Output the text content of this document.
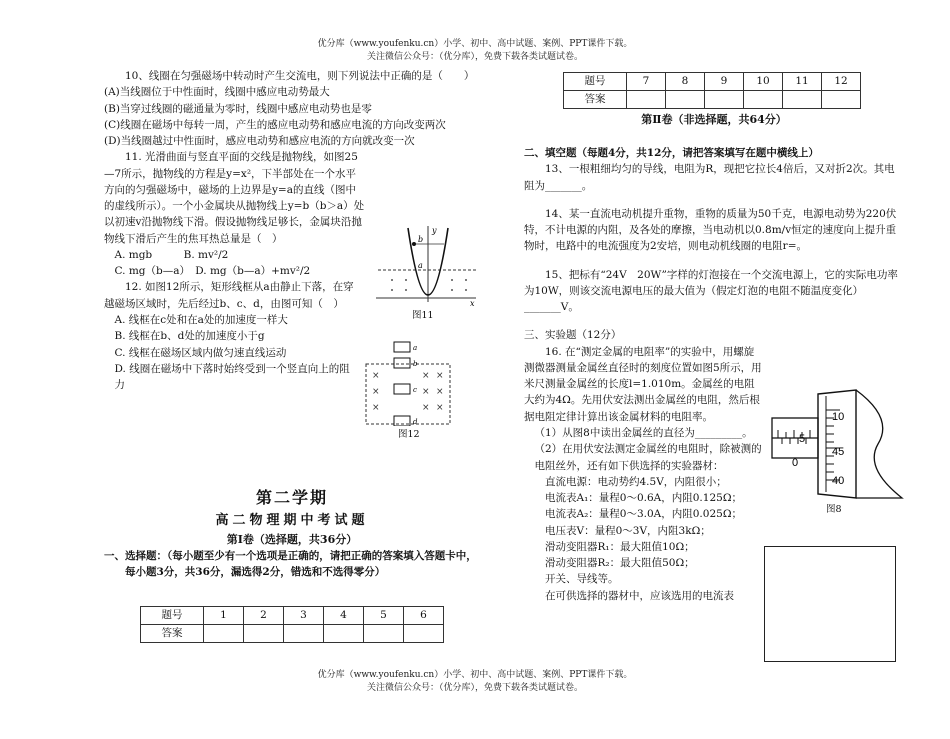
优分库（www.youfenku.cn）小学、初中、高中试题、案例、PPT课件下载。
关注微信公众号：（优分库），免费下载各类试题试卷。
优分库（www.youfenku.cn）小学、初中、高中试题、案例、PPT课件下载。
关注微信公众号：（优分库），免费下载各类试题试卷。

10、线圈在匀强磁场中转动时产生交流电，则下列说法中正确的是（　　）

(A)当线圈位于中性面时，线圈中感应电动势最大

(B)当穿过线圈的磁通量为零时，线圈中感应电动势也是零

(C)线圈在磁场中每转一周，产生的感应电动势和感应电流的方向改变两次

(D)当线圈越过中性面时，感应电动势和感应电流的方向就改变一次

11. 光滑曲面与竖直平面的交线是抛物线，如图25—7所示，抛物线的方程是y=x²，下半部处在一个水平方向的匀强磁场中，磁场的上边界是y=a的直线（图中的虚线所示）。一个小金属块从抛物线上y=b（b＞a）处以初速v沿抛物线下滑。假设抛物线足够长，金属块沿抛物线下滑后产生的焦耳热总量是（　）

A. mgb　　　B. mv²/2

C. mg（b—a）　D. mg（b—a）+mv²/2

12. 如图12所示，矩形线框从a由静止下落，在穿越磁场区域时，先后经过b、c、d，由图可知（　）

A. 线框在c处和在a处的加速度一样大

B. 线框在b、d处的加速度小于g

C. 线框在磁场区域内做匀速直线运动

D. 线圈在磁场中下落时始终受到一个竖直向上的阻力

第二学期

高二物理期中考试题

第Ⅰ卷（选择题，共36分）

一、选择题：（每小题至少有一个选项是正确的，请把正确的答案填入答题卡中，每小题3分，共36分，漏选得2分，错选和不选得零分）

y
b
a
x
图11
×	× ×
×	× ×
×	× ×
a
b
c
d
图12
题号	1	2	3	4	5	6
答案						
题号	7	8	9	10	11	12
答案						
第Ⅱ卷（非选择题，共64分）

二、填空题（每题4分，共12分，请把答案填写在题中横线上）

13、一根粗细均匀的导线，电阻为R，现把它拉长4倍后，又对折2次。其电阻为_______。

14、某一直流电动机提升重物，重物的质量为50千克，电源电动势为220伏特，不计电源的内阻，及各处的摩擦，当电动机以0.8m/v恒定的速度向上提升重物时，电路中的电流强度为2安培，则电动机线圈的电阻r=。

15、把标有“24V　20W”字样的灯泡接在一个交流电源上，它的实际电功率为10W，则该交流电源电压的最大值为（假定灯泡的电阻不随温度变化）_______V。

三、实验题（12分）

16. 在“测定金属的电阻率”的实验中，用螺旋测微器测量金属丝直径时的刻度位置如图5所示，用米尺测量金属丝的长度l=1.010m。金属丝的电阻大约为4Ω。先用伏安法测出金属丝的电阻，然后根据电阻定律计算出该金属材料的电阻率。

（1）从图8中读出金属丝的直径为_________。

（2）在用伏安法测定金属丝的电阻时，除被测的电阻丝外，还有如下供选择的实验器材：

直流电源：电动势约4.5V，内阻很小；

电流表A₁：量程0～0.6A，内阻0.125Ω；

电流表A₂：量程0～3.0A，内阻0.025Ω；

电压表V：量程0～3V，内阻3kΩ；

滑动变阻器R₁：最大阻值10Ω；

滑动变阻器R₂：最大阻值50Ω；

开关、导线等。

在可供选择的器材中，应该选用的电流表

10
5
0
45
40
图8
